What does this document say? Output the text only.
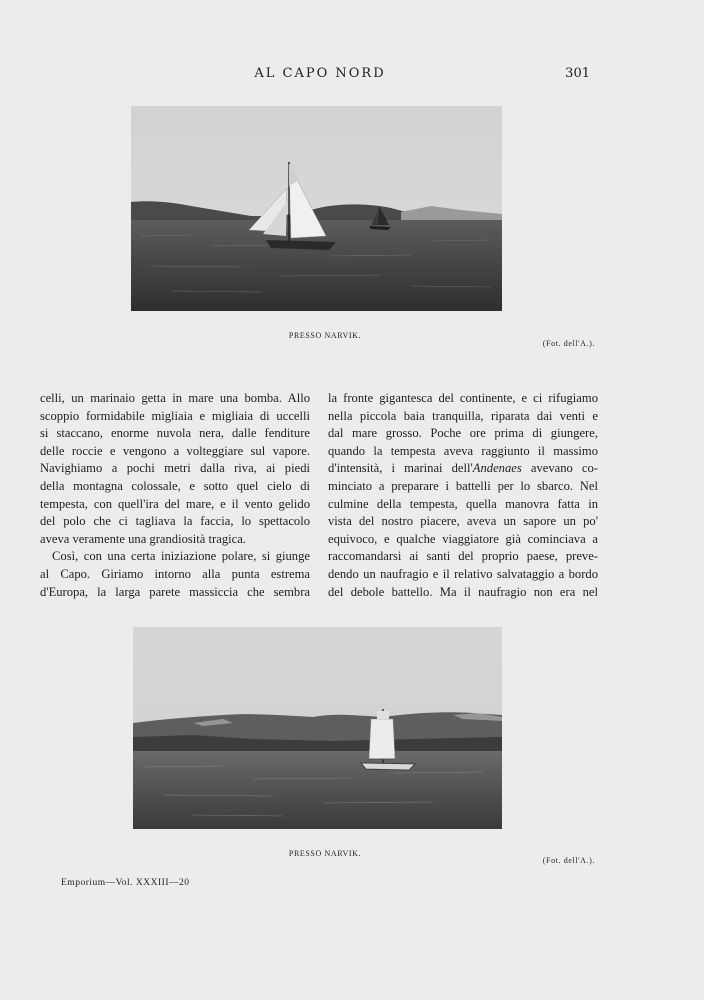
AL CAPO NORD	301
PRESSO NARVIK.
(Fot. dell'A.).

celli, un marinaio getta in mare una bomba. Allo
scoppio formidabile migliaia e migliaia di uccelli
si staccano, enorme nuvola nera, dalle fenditure
delle roccie e vengono a volteggiare sul vapore.
Navighiamo a pochi metri dalla riva, ai piedi
della montagna colossale, e sotto quel cielo di
tempesta, con quell'ira del mare, e il vento gelido
del polo che ci tagliava la faccia, lo spettacolo
aveva veramente una grandiosità tragica.
Così, con una certa iniziazione polare, si giunge
al Capo. Giriamo intorno alla punta estrema
d'Europa, la larga parete massiccia che sembra

la fronte gigantesca del continente, e ci rifugiamo
nella piccola baia tranquilla, riparata dai venti e
dal mare grosso. Poche ore prima di giungere,
quando la tempesta aveva raggiunto il massimo
d'intensità, i marinai dell'Andenaes avevano co-
minciato a preparare i battelli per lo sbarco. Nel
culmine della tempesta, quella manovra fatta in
vista del nostro piacere, aveva un sapore un po'
equivoco, e qualche viaggiatore già cominciava a
raccomandarsi ai santi del proprio paese, preve-
dendo un naufragio e il relativo salvataggio a bordo
del debole battello. Ma il naufragio non era nel

PRESSO NARVIK.
(Fot. dell'A.).
Emporium—Vol. XXXIII—20
